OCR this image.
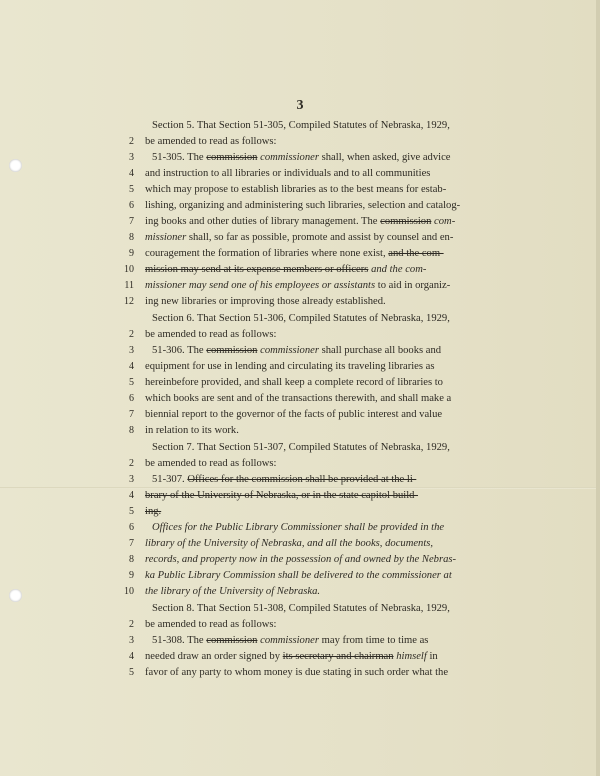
3
Section 5. That Section 51-305, Compiled Statutes of Nebraska, 1929,
2 be amended to read as follows:
3 51-305. The commission commissioner shall, when asked, give advice
4 and instruction to all libraries or individuals and to all communities
5 which may propose to establish libraries as to the best means for estab-
6 lishing, organizing and administering such libraries, selection and catalog-
7 ing books and other duties of library management. The commission com-
8 missioner shall, so far as possible, promote and assist by counsel and en-
9 couragement the formation of libraries where none exist, and the com-
10 mission may send at its expense members or officers and the com-
11 missioner may send one of his employees or assistants to aid in organiz-
12 ing new libraries or improving those already established.
Section 6. That Section 51-306, Compiled Statutes of Nebraska, 1929,
2 be amended to read as follows:
3 51-306. The commission commissioner shall purchase all books and
4 equipment for use in lending and circulating its traveling libraries as
5 hereinbefore provided, and shall keep a complete record of libraries to
6 which books are sent and of the transactions therewith, and shall make a
7 biennial report to the governor of the facts of public interest and value
8 in relation to its work.
Section 7. That Section 51-307, Compiled Statutes of Nebraska, 1929,
2 be amended to read as follows:
3 51-307. Offices for the commission shall be provided at the li-
4 brary of the University of Nebraska, or in the state capitol build-
5 ing.
6 Offices for the Public Library Commissioner shall be provided in the
7 library of the University of Nebraska, and all the books, documents,
8 records, and property now in the possession of and owned by the Nebras-
9 ka Public Library Commission shall be delivered to the commissioner at
10 the library of the University of Nebraska.
Section 8. That Section 51-308, Compiled Statutes of Nebraska, 1929,
2 be amended to read as follows:
3 51-308. The commission commissioner may from time to time as
4 needed draw an order signed by its secretary and chairman himself in
5 favor of any party to whom money is due stating in such order what the
